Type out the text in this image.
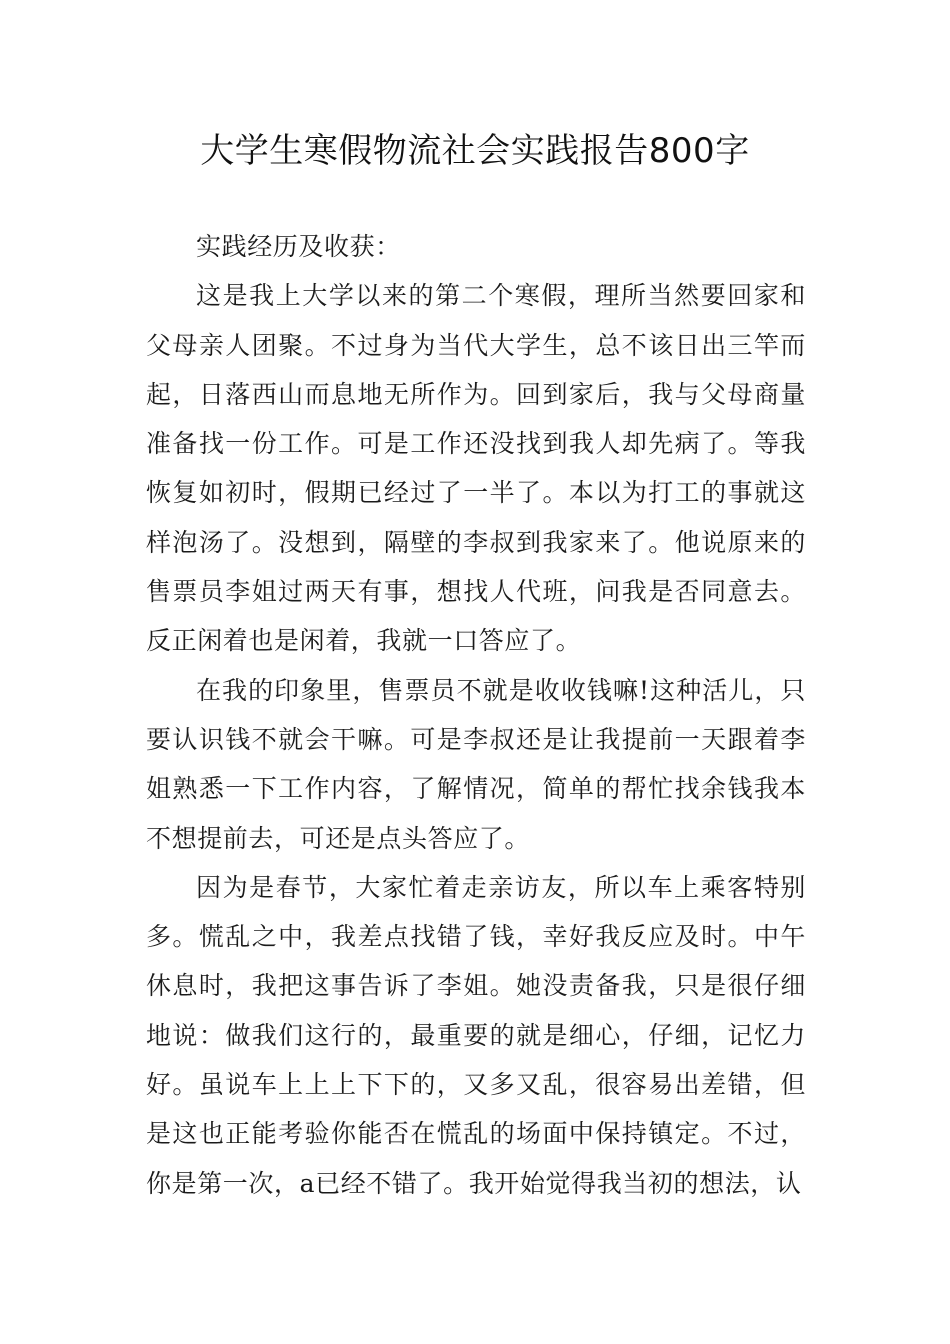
大学生寒假物流社会实践报告800字

实践经历及收获：

这是我上大学以来的第二个寒假，理所当然要回家和父母亲人团聚。不过身为当代大学生，总不该日出三竿而起，日落西山而息地无所作为。回到家后，我与父母商量准备找一份工作。可是工作还没找到我人却先病了。等我恢复如初时，假期已经过了一半了。本以为打工的事就这样泡汤了。没想到，隔壁的李叔到我家来了。他说原来的售票员李姐过两天有事，想找人代班，问我是否同意去。反正闲着也是闲着，我就一口答应了。

在我的印象里，售票员不就是收收钱嘛!这种活儿，只要认识钱不就会干嘛。可是李叔还是让我提前一天跟着李姐熟悉一下工作内容，了解情况，简单的帮忙找余钱我本不想提前去，可还是点头答应了。

因为是春节，大家忙着走亲访友，所以车上乘客特别多。慌乱之中，我差点找错了钱，幸好我反应及时。中午休息时，我把这事告诉了李姐。她没责备我，只是很仔细地说：做我们这行的，最重要的就是细心，仔细，记忆力好。虽说车上上上下下的，又多又乱，很容易出差错，但是这也正能考验你能否在慌乱的场面中保持镇定。不过，你是第一次，a已经不错了。我开始觉得我当初的想法，认
